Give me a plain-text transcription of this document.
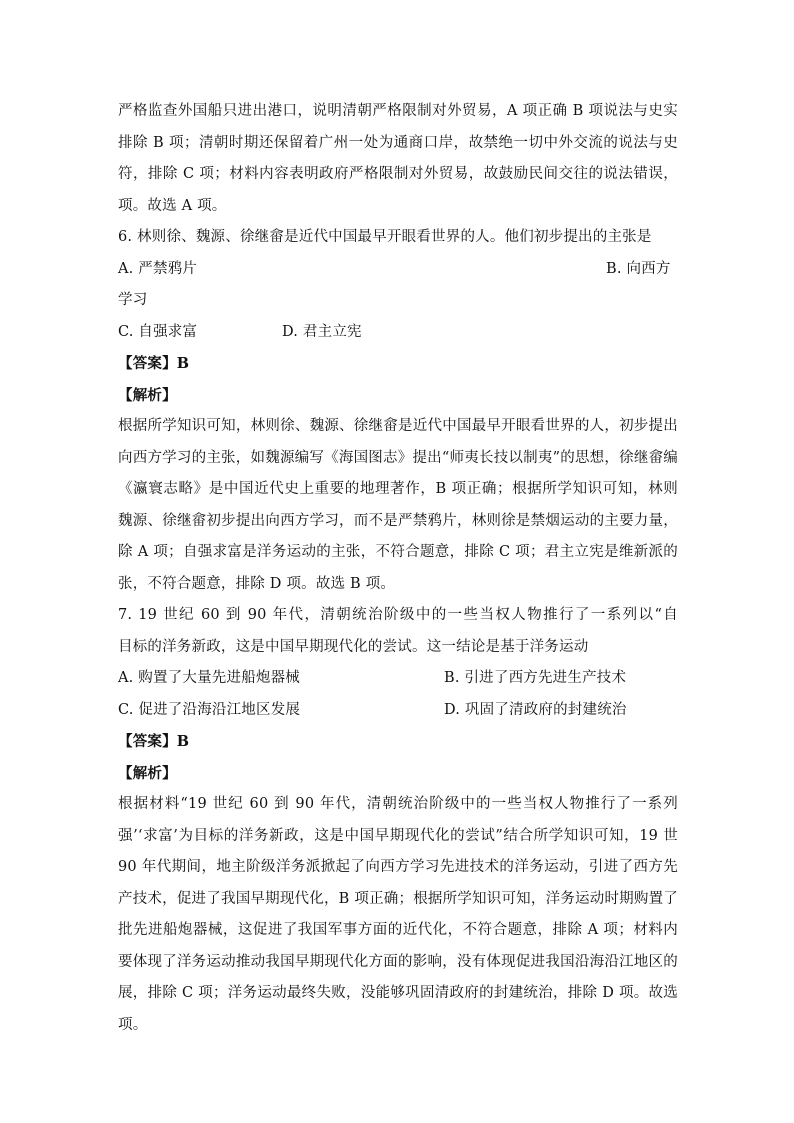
严格监查外国船只进出港口，说明清朝严格限制对外贸易，A 项正确 B 项说法与史实
排除 B 项；清朝时期还保留着广州一处为通商口岸，故禁绝一切中外交流的说法与史
符，排除 C 项；材料内容表明政府严格限制对外贸易，故鼓励民间交往的说法错误，
项。故选 A 项。
6. 林则徐、魏源、徐继畲是近代中国最早开眼看世界的人。他们初步提出的主张是
A. 严禁鸦片	B. 向西方
学习
C. 自强求富	D. 君主立宪
【答案】B
【解析】
根据所学知识可知，林则徐、魏源、徐继畲是近代中国最早开眼看世界的人，初步提出
向西方学习的主张，如魏源编写《海国图志》提出“师夷长技以制夷”的思想，徐继畲编
《瀛寰志略》是中国近代史上重要的地理著作，B 项正确；根据所学知识可知，林则
魏源、徐继畲初步提出向西方学习，而不是严禁鸦片，林则徐是禁烟运动的主要力量，
除 A 项；自强求富是洋务运动的主张，不符合题意，排除 C 项；君主立宪是维新派的
张，不符合题意，排除 D 项。故选 B 项。
7. 19 世纪 60 到 90 年代，清朝统治阶级中的一些当权人物推行了一系列以“自
目标的洋务新政，这是中国早期现代化的尝试。这一结论是基于洋务运动
A. 购置了大量先进船炮器械	B. 引进了西方先进生产技术
C. 促进了沿海沿江地区发展	D. 巩固了清政府的封建统治
【答案】B
【解析】
根据材料“19 世纪 60 到 90 年代，清朝统治阶级中的一些当权人物推行了一系列
强’‘求富’为目标的洋务新政，这是中国早期现代化的尝试”结合所学知识可知，19 世
90 年代期间，地主阶级洋务派掀起了向西方学习先进技术的洋务运动，引进了西方先
产技术，促进了我国早期现代化，B 项正确；根据所学知识可知，洋务运动时期购置了
批先进船炮器械，这促进了我国军事方面的近代化，不符合题意，排除 A 项；材料内
要体现了洋务运动推动我国早期现代化方面的影响，没有体现促进我国沿海沿江地区的
展，排除 C 项；洋务运动最终失败，没能够巩固清政府的封建统治，排除 D 项。故选
项。
